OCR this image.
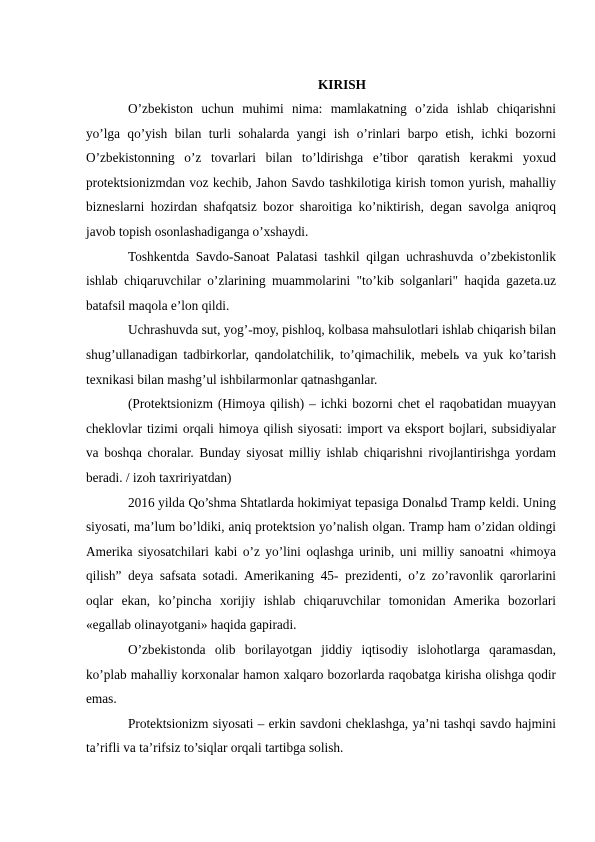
KIRISH

O’zbekiston uchun muhimi nima: mamlakatning o’zida ishlab chiqarishni yo’lga qo’yish bilan turli sohalarda yangi ish o’rinlari barpo etish, ichki bozorni O’zbekistonning o’z tovarlari bilan to’ldirishga e’tibor qaratish kerakmi yoxud protektsionizmdan voz kechib, Jahon Savdo tashkilotiga kirish tomon yurish, mahalliy bizneslarni hozirdan shafqatsiz bozor sharoitiga ko’niktirish, degan savolga aniqroq javob topish osonlashadiganga o’xshaydi.

Toshkentda Savdo-Sanoat Palatasi tashkil qilgan uchrashuvda o’zbekistonlik ishlab chiqaruvchilar o’zlarining muammolarini "to’kib solganlari" haqida gazeta.uz batafsil maqola e’lon qildi.

Uchrashuvda sut, yog’-moy, pishloq, kolbasa mahsulotlari ishlab chiqarish bilan shug’ullanadigan tadbirkorlar, qandolatchilik, to’qimachilik, mebelь va yuk ko’tarish texnikasi bilan mashg’ul ishbilarmonlar qatnashganlar.

(Protektsionizm (Himoya qilish) – ichki bozorni chet el raqobatidan muayyan cheklovlar tizimi orqali himoya qilish siyosati: import va eksport bojlari, subsidiyalar va boshqa choralar. Bunday siyosat milliy ishlab chiqarishni rivojlantirishga yordam beradi. / izoh taxririyatdan)

2016 yilda Qo’shma Shtatlarda hokimiyat tepasiga Donalьd Tramp keldi. Uning siyosati, ma’lum bo’ldiki, aniq protektsion yo’nalish olgan. Tramp ham o’zidan oldingi Amerika siyosatchilari kabi o’z yo’lini oqlashga urinib, uni milliy sanoatni «himoya qilish” deya safsata sotadi. Amerikaning 45- prezidenti, o’z zo’ravonlik qarorlarini oqlar ekan, ko’pincha xorijiy ishlab chiqaruvchilar tomonidan Amerika bozorlari «egallab olinayotgani» haqida gapiradi.

O’zbekistonda olib borilayotgan jiddiy iqtisodiy islohotlarga qaramasdan, ko’plab mahalliy korxonalar hamon xalqaro bozorlarda raqobatga kirisha olishga qodir emas.

Protektsionizm siyosati – erkin savdoni cheklashga, ya’ni tashqi savdo hajmini ta’rifli va ta’rifsiz to’siqlar orqali tartibga solish.
